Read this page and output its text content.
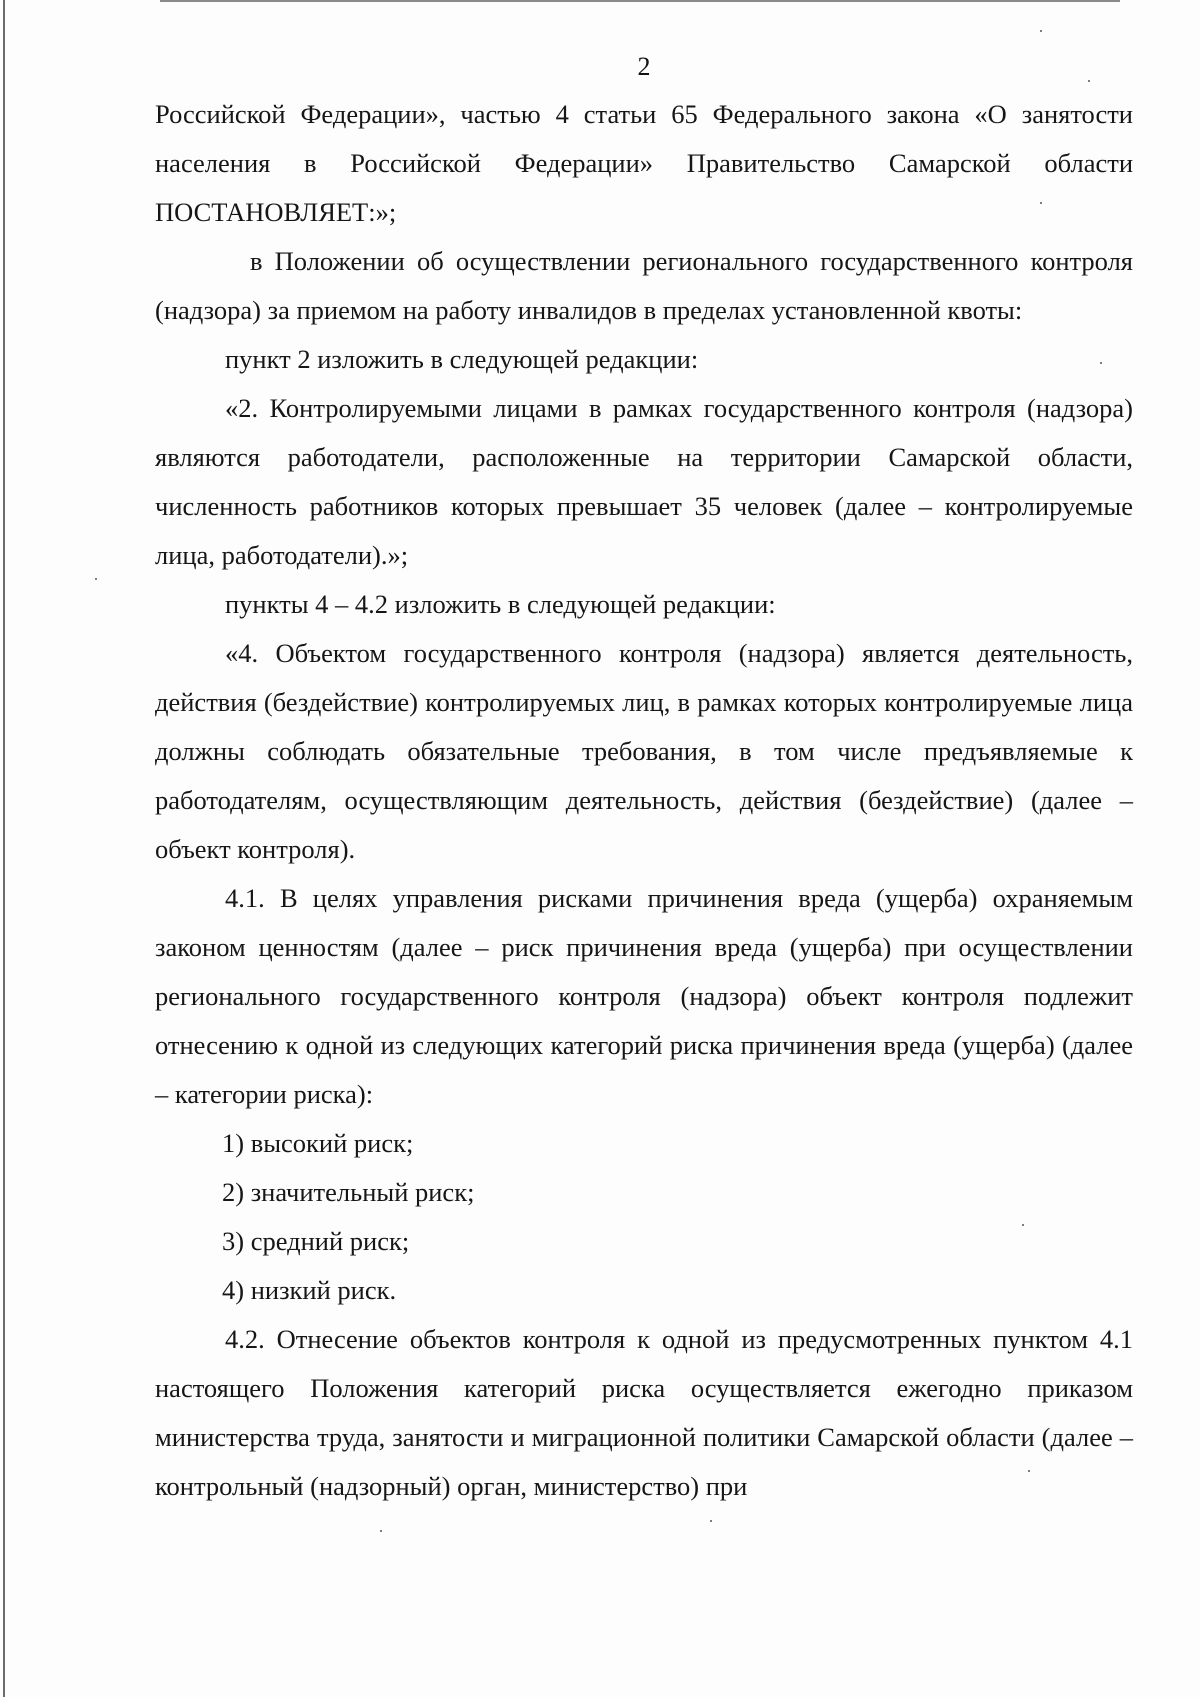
2

Российской Федерации», частью 4 статьи 65 Федерального закона «О занятости населения в Российской Федерации» Правительство Самарской области ПОСТАНОВЛЯЕТ:»;

в Положении об осуществлении регионального государственного контроля (надзора) за приемом на работу инвалидов в пределах установленной квоты:

пункт 2 изложить в следующей редакции:

«2. Контролируемыми лицами в рамках государственного контроля (надзора) являются работодатели, расположенные на территории Самарской области, численность работников которых превышает 35 человек (далее – контролируемые лица, работодатели).»;

пункты 4 – 4.2 изложить в следующей редакции:

«4. Объектом государственного контроля (надзора) является деятельность, действия (бездействие) контролируемых лиц, в рамках которых контролируемые лица должны соблюдать обязательные требования, в том числе предъявляемые к работодателям, осуществляющим деятельность, действия (бездействие) (далее – объект контроля).

4.1. В целях управления рисками причинения вреда (ущерба) охраняемым законом ценностям (далее – риск причинения вреда (ущерба) при осуществлении регионального государственного контроля (надзора) объект контроля подлежит отнесению к одной из следующих категорий риска причинения вреда (ущерба) (далее – категории риска):

1) высокий риск;

2) значительный риск;

3) средний риск;

4) низкий риск.

4.2. Отнесение объектов контроля к одной из предусмотренных пунктом 4.1 настоящего Положения категорий риска осуществляется ежегодно приказом министерства труда, занятости и миграционной политики Самарской области (далее – контрольный (надзорный) орган, министерство) при
